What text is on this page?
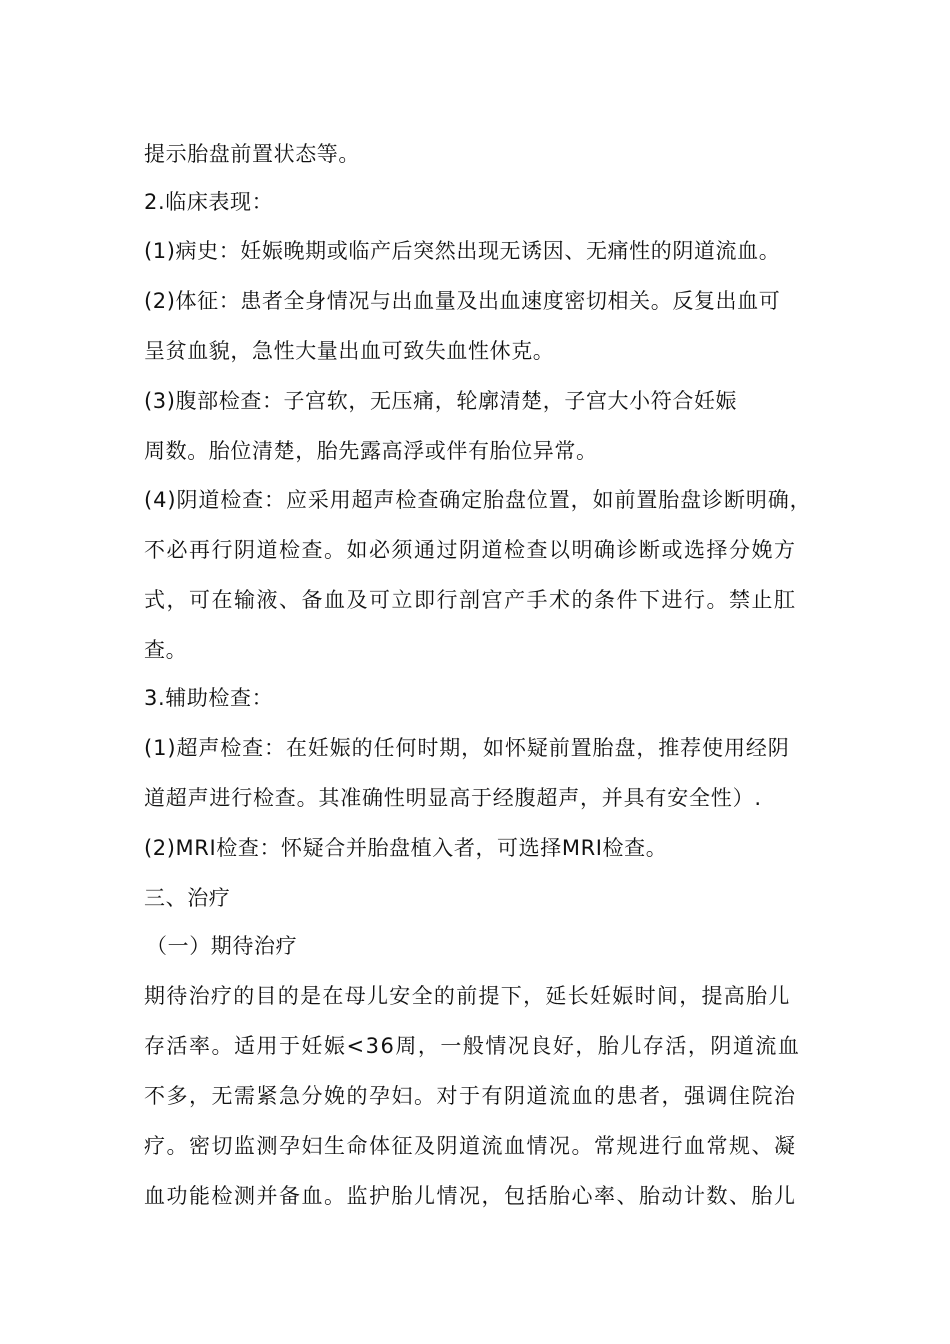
提示胎盘前置状态等。
2.临床表现：
(1)病史：妊娠晚期或临产后突然出现无诱因、无痛性的阴道流血。
(2)体征：患者全身情况与出血量及出血速度密切相关。反复出血可
呈贫血貌，急性大量出血可致失血性休克。
(3)腹部检查：子宫软，无压痛，轮廓清楚，子宫大小符合妊娠
周数。胎位清楚，胎先露高浮或伴有胎位异常。
(4)阴道检查：应采用超声检查确定胎盘位置，如前置胎盘诊断明确，
不必再行阴道检查。如必须通过阴道检查以明确诊断或选择分娩方
式，可在输液、备血及可立即行剖宫产手术的条件下进行。禁止肛
查。
3.辅助检查：
(1)超声检查：在妊娠的任何时期，如怀疑前置胎盘，推荐使用经阴
道超声进行检查。其准确性明显高于经腹超声，并具有安全性）.
(2)MRI检查：怀疑合并胎盘植入者，可选择MRI检查。
三、治疗
（一）期待治疗
期待治疗的目的是在母儿安全的前提下，延长妊娠时间，提高胎儿
存活率。适用于妊娠<36周，一般情况良好，胎儿存活，阴道流血
不多，无需紧急分娩的孕妇。对于有阴道流血的患者，强调住院治
疗。密切监测孕妇生命体征及阴道流血情况。常规进行血常规、凝
血功能检测并备血。监护胎儿情况，包括胎心率、胎动计数、胎儿
